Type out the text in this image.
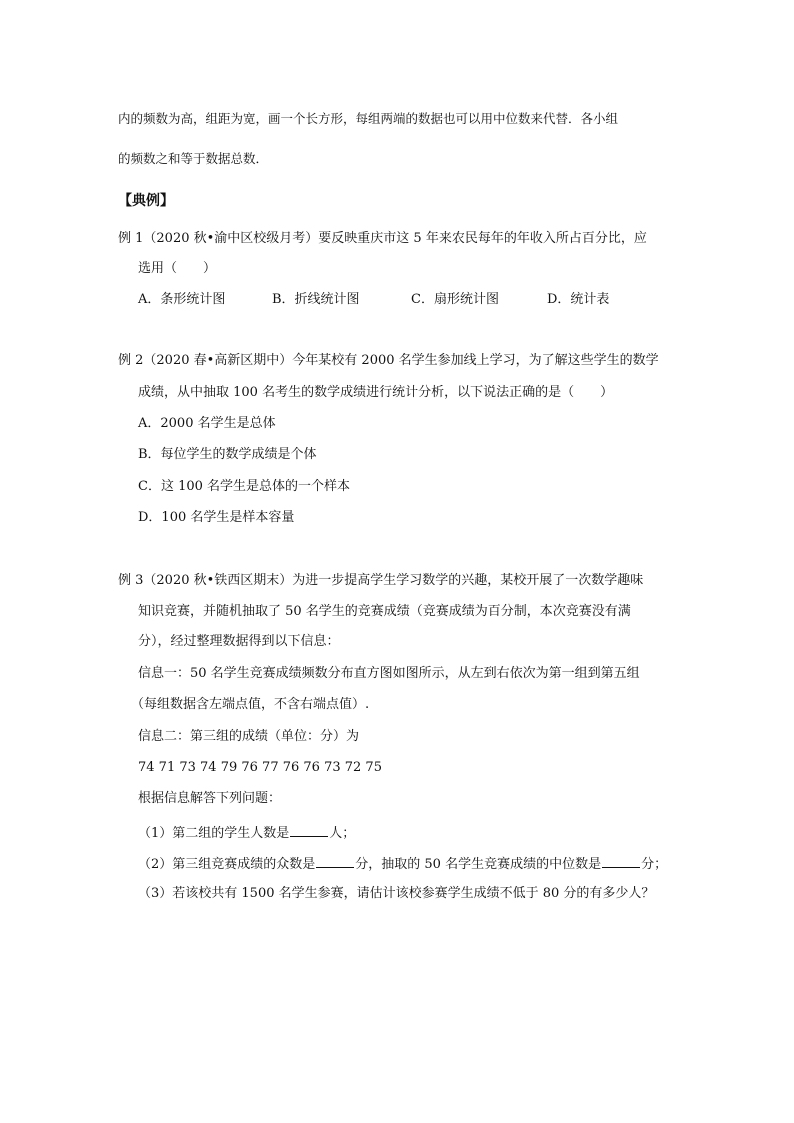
内的频数为高，组距为宽，画一个长方形，每组两端的数据也可以用中位数来代替．各小组
的频数之和等于数据总数．
【典例】
例 1（2020 秋•渝中区校级月考）要反映重庆市这 5 年来农民每年的年收入所占百分比，应
选用（　　）
A．条形统计图	B．折线统计图	C．扇形统计图	D．统计表
例 2（2020 春•高新区期中）今年某校有 2000 名学生参加线上学习，为了解这些学生的数学
成绩，从中抽取 100 名考生的数学成绩进行统计分析，以下说法正确的是（　　）
A．2000 名学生是总体
B．每位学生的数学成绩是个体
C．这 100 名学生是总体的一个样本
D．100 名学生是样本容量
例 3（2020 秋•铁西区期末）为进一步提高学生学习数学的兴趣，某校开展了一次数学趣味
知识竞赛，并随机抽取了 50 名学生的竞赛成绩（竞赛成绩为百分制，本次竞赛没有满
分），经过整理数据得到以下信息：
信息一：50 名学生竞赛成绩频数分布直方图如图所示，从左到右依次为第一组到第五组
（每组数据含左端点值，不含右端点值）.
信息二：第三组的成绩（单位：分）为
74 71 73 74 79 76 77 76 76 73 72 75
根据信息解答下列问题：
（1）第二组的学生人数是	人；
（2）第三组竞赛成绩的众数是	分，抽取的 50 名学生竞赛成绩的中位数是	分；
（3）若该校共有 1500 名学生参赛，请估计该校参赛学生成绩不低于 80 分的有多少人？
